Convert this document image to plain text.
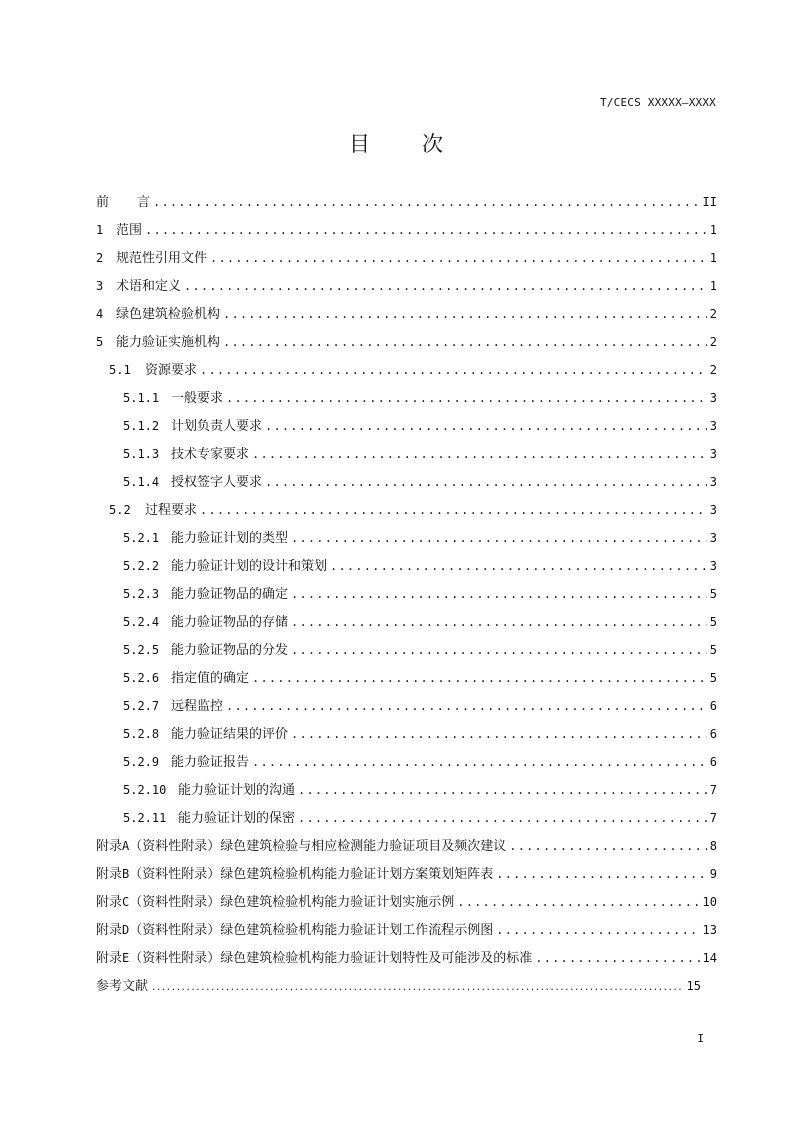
T/CECS XXXXX—XXXX
目 次
前 言 .....	II
1 范围 .....	1
2 规范性引用文件 .....	1
3 术语和定义 .....	1
4 绿色建筑检验机构 .....	2
5 能力验证实施机构 .....	2
5.1	资源要求 .....	2
5.1.1 一般要求 .....	3
5.1.2 计划负责人要求 .....	3
5.1.3 技术专家要求 .....	3
5.1.4 授权签字人要求 .....	3
5.2	过程要求 .....	3
5.2.1 能力验证计划的类型 .....	3
5.2.2 能力验证计划的设计和策划 .....	3
5.2.3 能力验证物品的确定 .....	5
5.2.4 能力验证物品的存储 .....	5
5.2.5 能力验证物品的分发 .....	5
5.2.6 指定值的确定 .....	5
5.2.7 远程监控 .....	6
5.2.8 能力验证结果的评价 .....	6
5.2.9 能力验证报告 .....	6
5.2.10 能力验证计划的沟通 .....	7
5.2.11 能力验证计划的保密 .....	7
附录 A （资料性附录）绿色建筑检验与相应检测能力验证项目及频次建议 .....	8
附录 B （资料性附录）绿色建筑检验机构能力验证计划方案策划矩阵表 .....	9
附录 C （资料性附录）绿色建筑检验机构能力验证计划实施示例 .....	10
附录 D （资料性附录）绿色建筑检验机构能力验证计划工作流程示例图 .....	13
附录 E （资料性附录）绿色建筑检验机构能力验证计划特性及可能涉及的标准 .....	14
参考文献 .....	15
I
